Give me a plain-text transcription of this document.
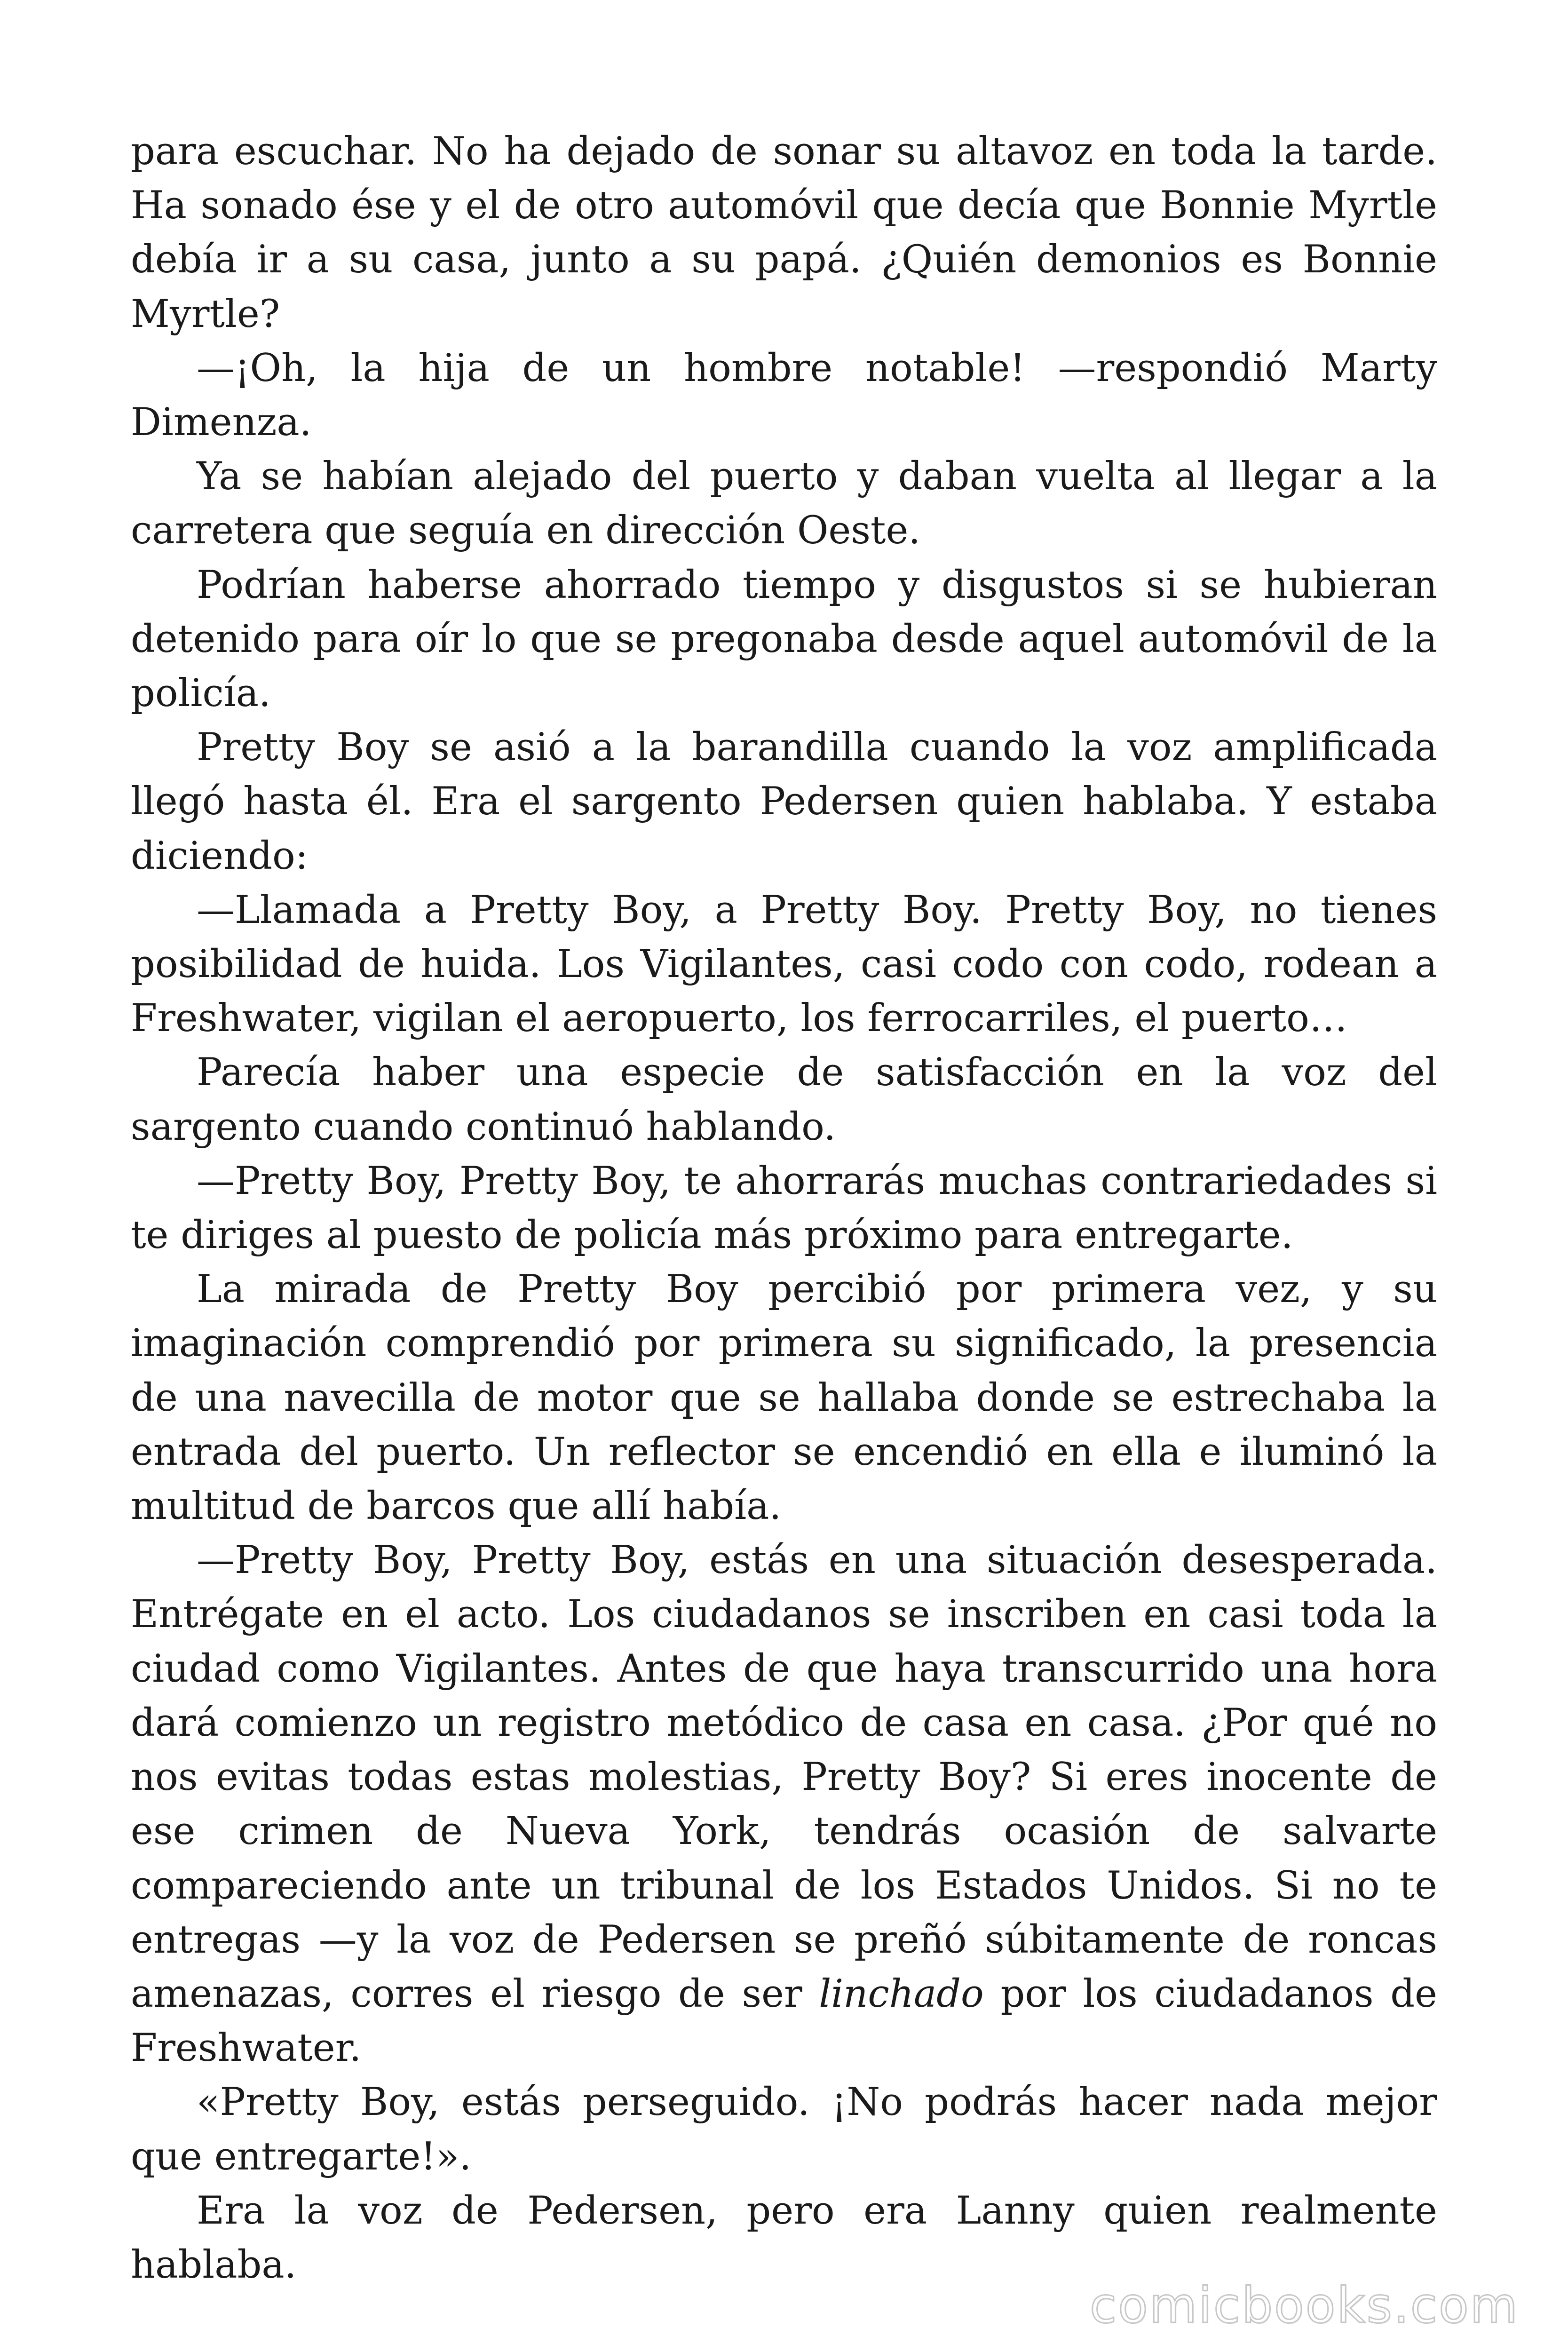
para escuchar. No ha dejado de sonar su altavoz en toda la tarde. Ha sonado ése y el de otro automóvil que decía que Bonnie Myrtle debía ir a su casa, junto a su papá. ¿Quién demonios es Bonnie Myrtle?

—¡Oh, la hija de un hombre notable! —respondió Marty Dimenza.

Ya se habían alejado del puerto y daban vuelta al llegar a la carretera que seguía en dirección Oeste.

Podrían haberse ahorrado tiempo y disgustos si se hubieran detenido para oír lo que se pregonaba desde aquel automóvil de la policía.

Pretty Boy se asió a la barandilla cuando la voz amplificada llegó hasta él. Era el sargento Pedersen quien hablaba. Y estaba diciendo:

—Llamada a Pretty Boy, a Pretty Boy. Pretty Boy, no tienes posibilidad de huida. Los Vigilantes, casi codo con codo, rodean a Freshwater, vigilan el aeropuerto, los ferrocarriles, el puerto…

Parecía haber una especie de satisfacción en la voz del sargento cuando continuó hablando.

—Pretty Boy, Pretty Boy, te ahorrarás muchas contrariedades si te diriges al puesto de policía más próximo para entregarte.

La mirada de Pretty Boy percibió por primera vez, y su imaginación comprendió por primera su significado, la presencia de una navecilla de motor que se hallaba donde se estrechaba la entrada del puerto. Un reflector se encendió en ella e iluminó la multitud de barcos que allí había.

—Pretty Boy, Pretty Boy, estás en una situación desesperada. Entrégate en el acto. Los ciudadanos se inscriben en casi toda la ciudad como Vigilantes. Antes de que haya transcurrido una hora dará comienzo un registro metódico de casa en casa. ¿Por qué no nos evitas todas estas molestias, Pretty Boy? Si eres inocente de ese crimen de Nueva York, tendrás ocasión de salvarte compareciendo ante un tribunal de los Estados Unidos. Si no te entregas —y la voz de Pedersen se preñó súbitamente de roncas amenazas, corres el riesgo de ser linchado por los ciudadanos de Freshwater.

«Pretty Boy, estás perseguido. ¡No podrás hacer nada mejor que entregarte!».

Era la voz de Pedersen, pero era Lanny quien realmente hablaba.

comicbooks.com
